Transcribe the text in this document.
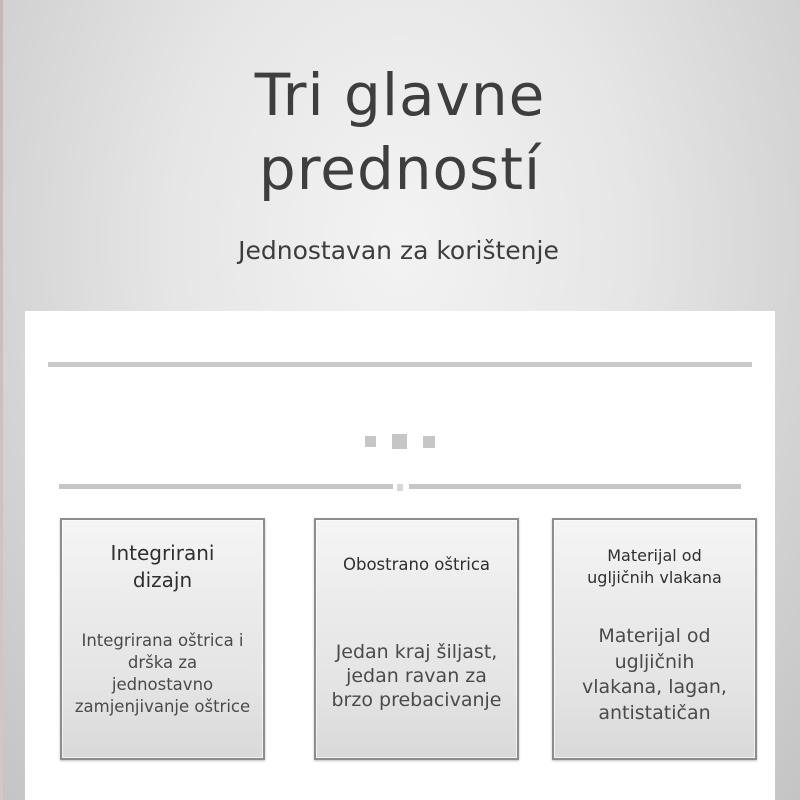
Tri glavne
predností

Jednostavan za korištenje

Integrirani
dizajn

Integrirana oštrica i
drška za
jednostavno
zamjenjivanje oštrice

Obostrano oštrica

Jedan kraj šiljast,
jedan ravan za
brzo prebacivanje

Materijal od
ugljičnih vlakana

Materijal od
ugljičnih
vlakana, lagan,
antistatičan
